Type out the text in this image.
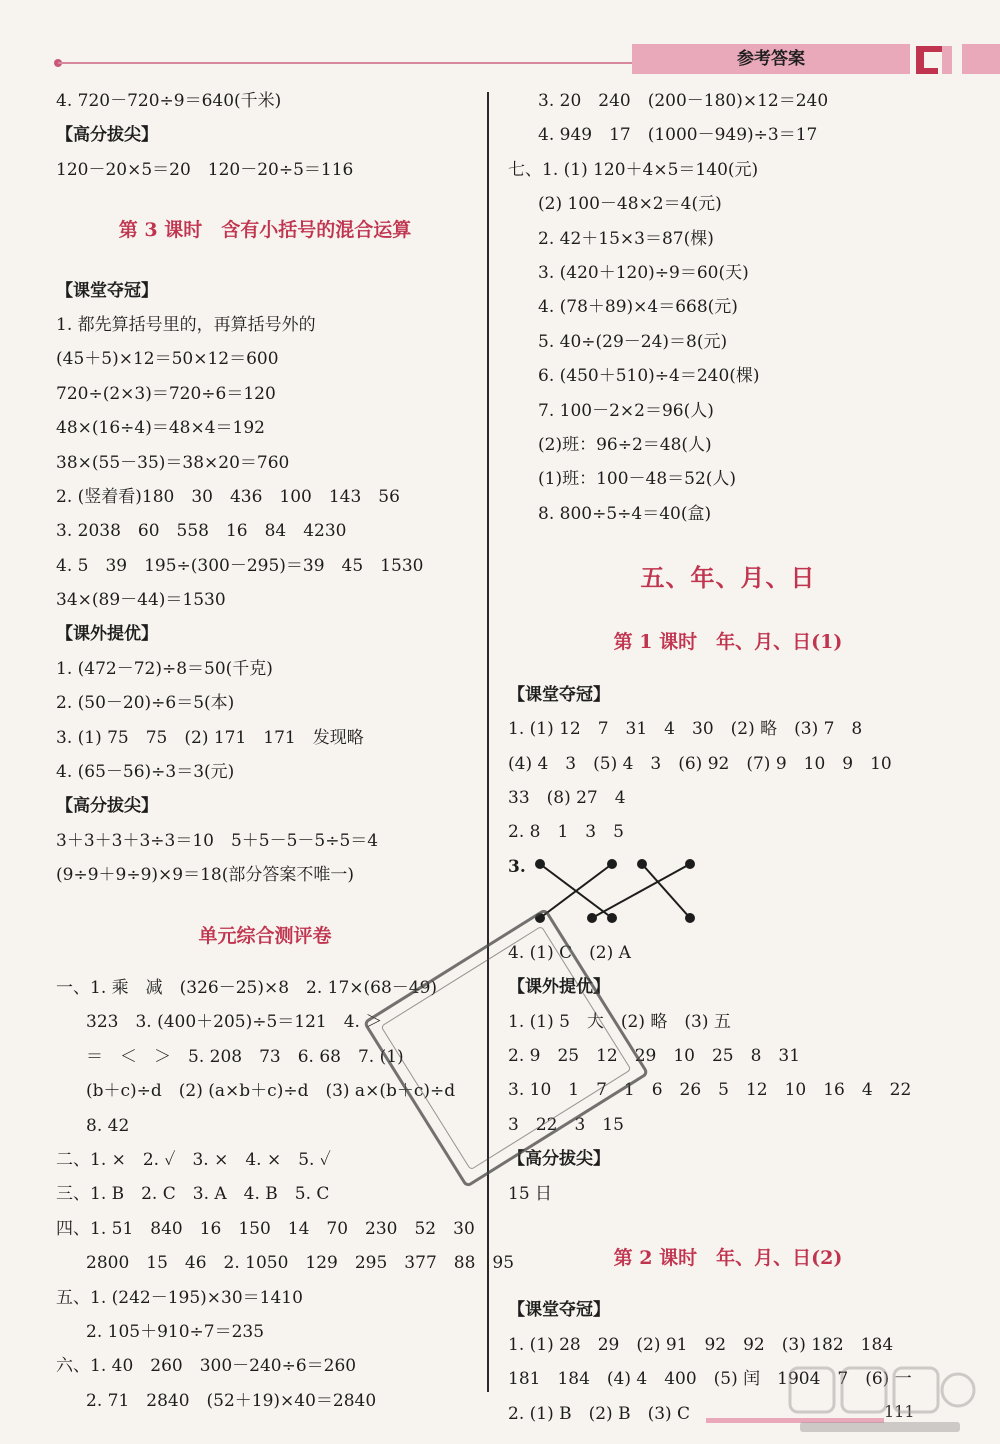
参考答案
4. 720－720÷9＝640(千米)
【高分拔尖】
120－20×5＝20　120－20÷5＝116
第 3 课时　含有小括号的混合运算
【课堂夺冠】
1. 都先算括号里的，再算括号外的
(45＋5)×12＝50×12＝600
720÷(2×3)＝720÷6＝120
48×(16÷4)＝48×4＝192
38×(55－35)＝38×20＝760
2. (竖着看)180　30　436　100　143　56
3. 2038　60　558　16　84　4230
4. 5　39　195÷(300－295)＝39　45　1530
34×(89－44)＝1530
【课外提优】
1. (472－72)÷8＝50(千克)
2. (50－20)÷6＝5(本)
3. (1) 75　75　(2) 171　171　发现略
4. (65－56)÷3＝3(元)
【高分拔尖】
3＋3＋3＋3÷3＝10　5＋5－5－5÷5＝4
(9÷9＋9÷9)×9＝18(部分答案不唯一)
单元综合测评卷
一、1. 乘　减　(326－25)×8　2. 17×(68－49)
323　3. (400＋205)÷5＝121　4. ＞
＝　＜　＞　5. 208　73　6. 68　7. (1)
(b＋c)÷d　(2) (a×b＋c)÷d　(3) a×(b＋c)÷d
8. 42
二、1. ×　2. ✓　3. ×　4. ×　5. ✓
三、1. B　2. C　3. A　4. B　5. C
四、1. 51　840　16　150　14　70　230　52　30
2800　15　46　2. 1050　129　295　377　88　95
五、1. (242－195)×30＝1410
2. 105＋910÷7＝235
六、1. 40　260　300－240÷6＝260
2. 71　2840　(52＋19)×40＝2840
3. 20　240　(200－180)×12＝240
4. 949　17　(1000－949)÷3＝17
七、1. (1) 120＋4×5＝140(元)
(2) 100－48×2＝4(元)
2. 42＋15×3＝87(棵)
3. (420＋120)÷9＝60(天)
4. (78＋89)×4＝668(元)
5. 40÷(29－24)＝8(元)
6. (450＋510)÷4＝240(棵)
7. 100－2×2＝96(人)
(2)班：96÷2＝48(人)
(1)班：100－48＝52(人)
8. 800÷5÷4＝40(盒)
五、年、月、日
第 1 课时　年、月、日(1)
【课堂夺冠】
1. (1) 12　7　31　4　30　(2) 略　(3) 7　8
(4) 4　3　(5) 4　3　(6) 92　(7) 9　10　9　10
33　(8) 27　4
2. 8　1　3　5
3.
4. (1) C　(2) A
【课外提优】
1. (1) 5　大　(2) 略　(3) 五
2. 9　25　12　29　10　25　8　31
3. 10　1　7　1　6　26　5　12　10　16　4　22
3　22　3　15
【高分拔尖】
15 日
第 2 课时　年、月、日(2)
【课堂夺冠】
1. (1) 28　29　(2) 91　92　92　(3) 182　184
181　184　(4) 4　400　(5) 闰　1904　7　(6) 一
2. (1) B　(2) B　(3) C	111
